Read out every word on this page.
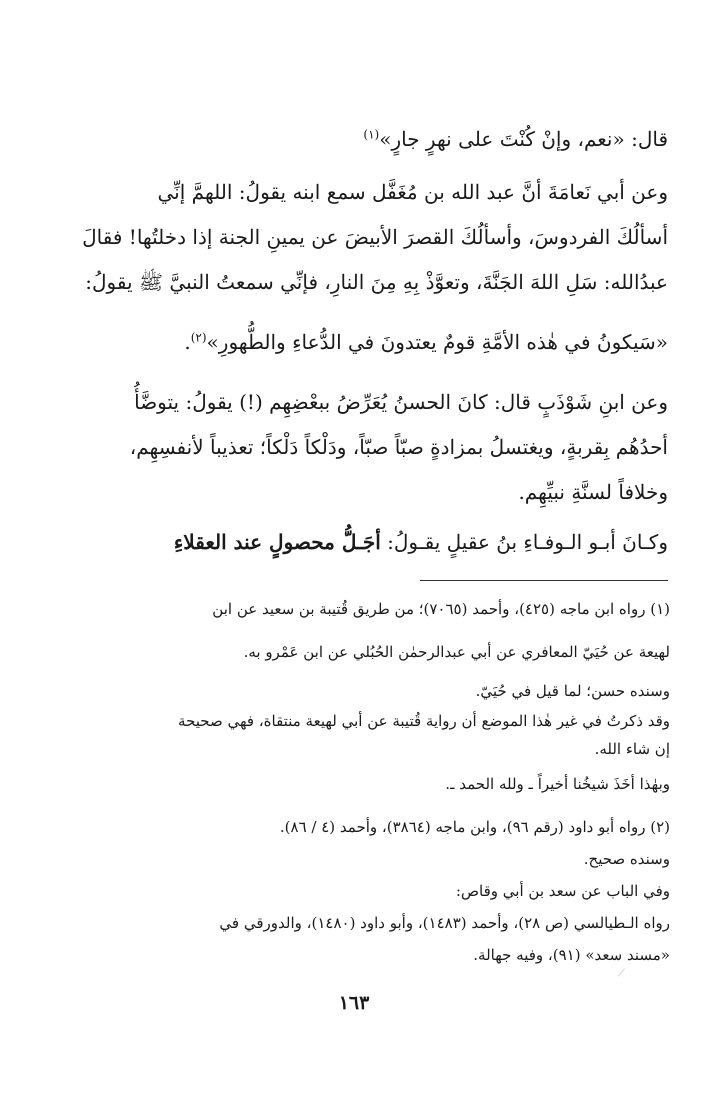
قال: «نعم، وإنْ كُنْتَ على نهرٍ جارٍ»$^{(١)}$
وعن أبي نَعامَةَ أنَّ عبد الله بن مُغَفَّل سمع ابنه يقولُ: اللهمَّ إنِّي
أسألُكَ الفردوسَ، وأسألُكَ القصرَ الأبيضَ عن يمينِ الجنة إذا دخلتُها! فقالَ
عبدُالله: سَلِ اللهَ الجَنَّةَ، وتعوَّذْ بِهِ مِنَ النارِ، فإنِّي سمعتُ النبيَّ ﷺ يقولُ:
«سَيكونُ في هٰذه الأمَّةِ قومٌ يعتدونَ في الدُّعاءِ والطُّهورِ»$^{(٢)}$.
وعن ابنِ شَوْذَبٍ قال: كانَ الحسنُ يُعَرِّضُ ببعْضِهِم (!) يقولُ: يتوضَّأُ
أحدُهُم بِقربةٍ، ويغتسلُ بمزادةٍ صبّاً صبّاً، ودَلْكاً دَلْكاً؛ تعذيباً لأنفسِهِم،
وخلافاً لسنَّةِ نبيِّهِم.
وكـانَ أبـو الـوفـاءِ بنُ عقيلٍ يقـولُ: أجَـلُّ محصولٍ عند العقلاءِ
(١) رواه ابن ماجه (٤٢٥)، وأحمد (٧٠٦٥)؛ من طريق قُتيبة بن سعيد عن ابن
لهيعة عن حُيَيّ المعافري عن أبي عبدالرحمٰن الحُبُلي عن ابن عَمْرو به.
وسنده حسن؛ لما قيل في حُيَيّ.
وقد ذكرتُ في غير هٰذا الموضع أن رواية قُتيبة عن أبي لهيعة منتقاة، فهي صحيحة
إن شاء الله.
وبهٰذا أخَذَ شيخُنا أخيراً ـ ولله الحمد ـ.
(٢) رواه أبو داود (رقم ٩٦)، وابن ماجه (٣٨٦٤)، وأحمد (٤ / ٨٦).
وسنده صحيح.
وفي الباب عن سعد بن أبي وقاص:
رواه الـطيالسي (ص ٢٨)، وأحمد (١٤٨٣)، وأبو داود (١٤٨٠)، والدورقي في
«مسند سعد» (٩١)، وفيه جهالة.
١٦٣
